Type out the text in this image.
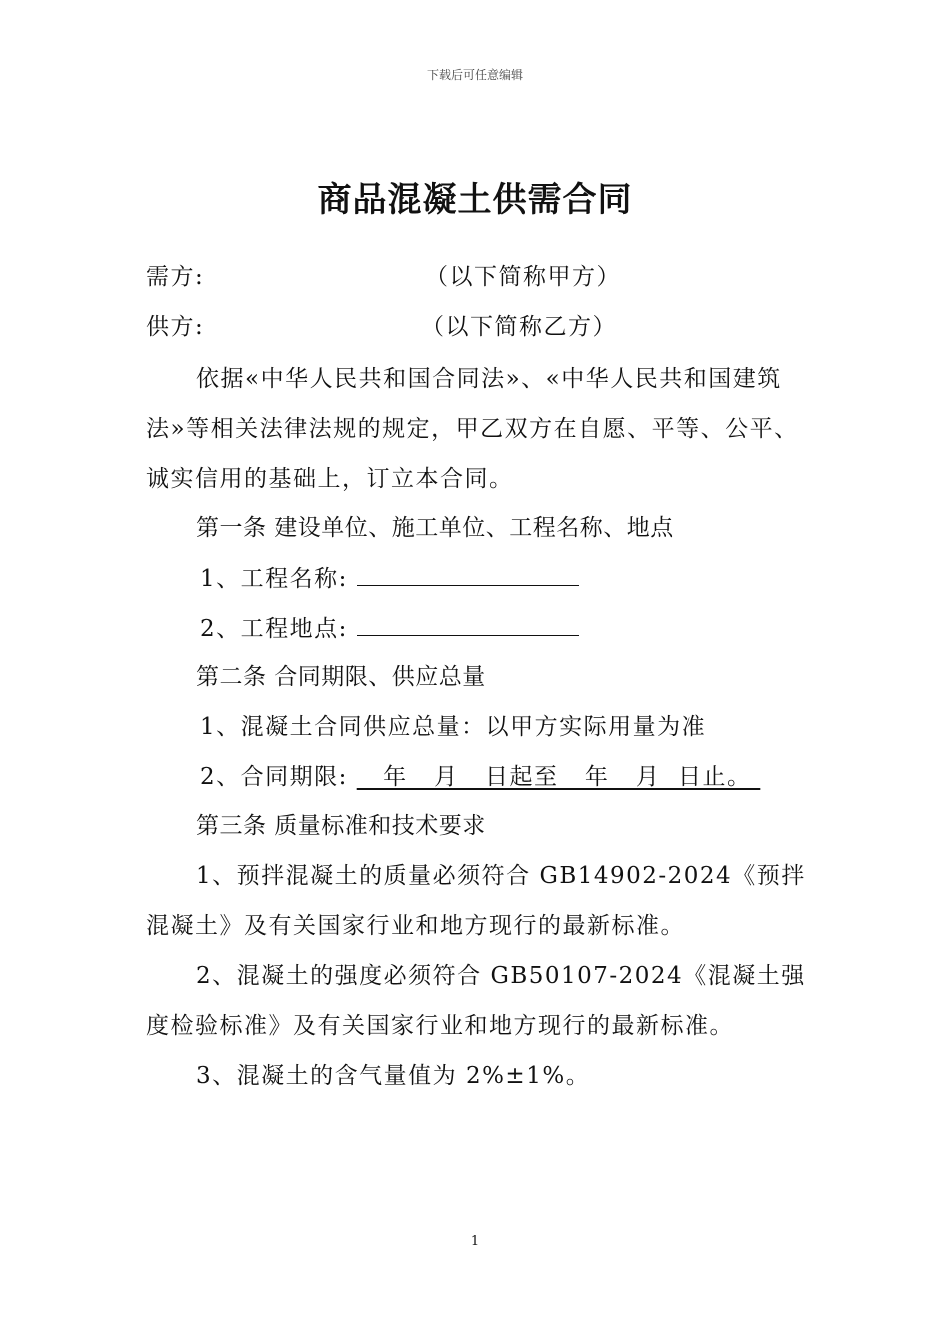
下载后可任意编辑
商品混凝土供需合同
需方:	（以下简称甲方）
供方:	（以下简称乙方）
依据«中华人民共和国合同法»、«中华人民共和国建筑
法»等相关法律法规的规定，甲乙双方在自愿、平等、公平、
诚实信用的基础上，订立本合同。
第一条 建设单位、施工单位、工程名称、地点
1、工程名称:
2、工程地点:
第二条 合同期限、供应总量
1、混凝土合同供应总量：以甲方实际用量为准
2、合同期限:    年   月   日起至   年   月  日止。
第三条 质量标准和技术要求
1、预拌混凝土的质量必须符合 GB14902-2024《预拌
混凝土》及有关国家行业和地方现行的最新标准。
2、混凝土的强度必须符合 GB50107-2024《混凝土强
度检验标准》及有关国家行业和地方现行的最新标准。
3、混凝土的含气量值为 2%±1%。
1
